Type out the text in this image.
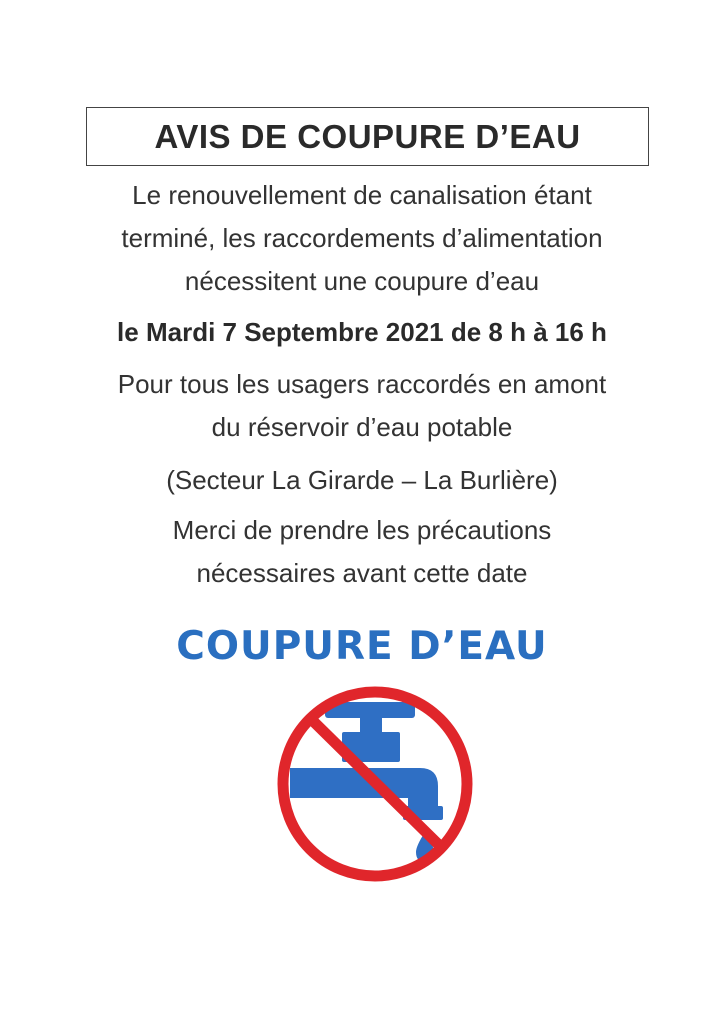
AVIS DE COUPURE D’EAU
Le renouvellement de canalisation étant
terminé, les raccordements d’alimentation
nécessitent une coupure d’eau
le Mardi 7 Septembre 2021 de 8 h à 16 h
Pour tous les usagers raccordés en amont
du réservoir d’eau potable
(Secteur La Girarde – La Burlière)
Merci de prendre les précautions
nécessaires avant cette date
COUPURE D’EAU
